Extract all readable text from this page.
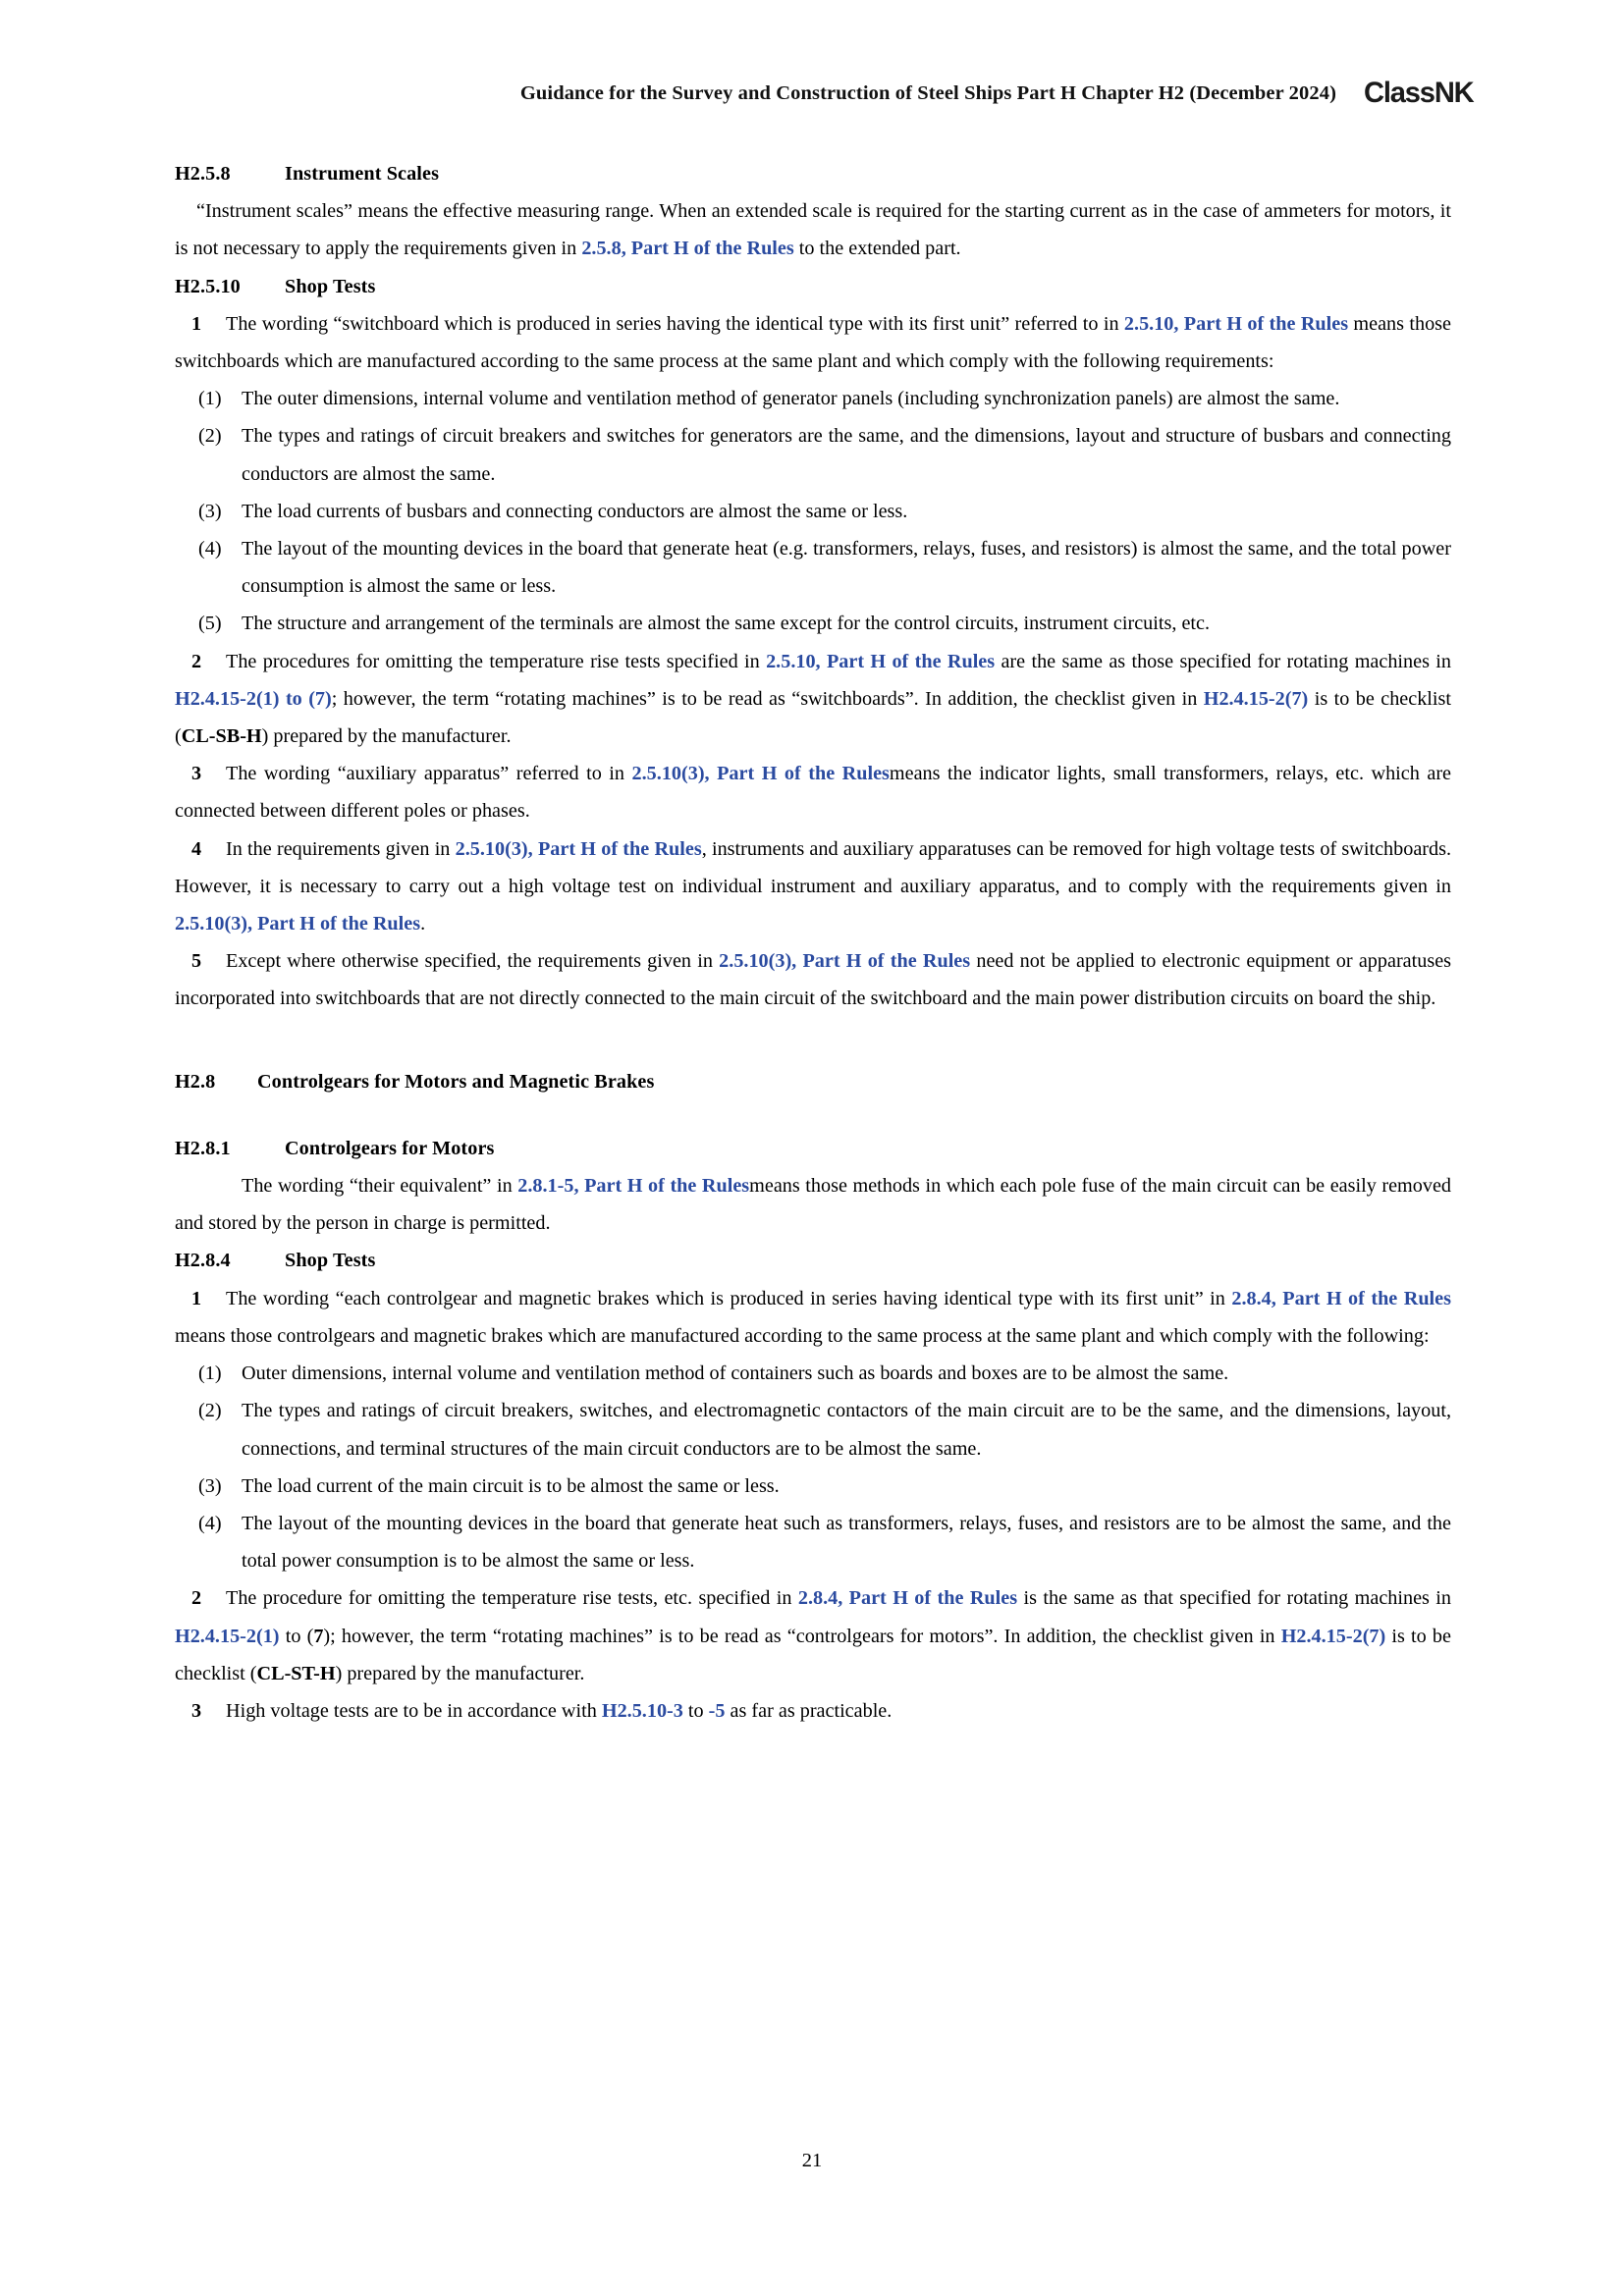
Guidance for the Survey and Construction of Steel Ships Part H Chapter H2 (December 2024) ClassNK
H2.5.8	Instrument Scales

“Instrument scales” means the effective measuring range. When an extended scale is required for the starting current as in the case of ammeters for motors, it is not necessary to apply the requirements given in 2.5.8, Part H of the Rules to the extended part.

H2.5.10 Shop Tests

1 The wording “switchboard which is produced in series having the identical type with its first unit” referred to in 2.5.10, Part H of the Rules means those switchboards which are manufactured according to the same process at the same plant and which comply with the following requirements:

(1)	The outer dimensions, internal volume and ventilation method of generator panels (including synchronization panels) are almost the same.
(2)	The types and ratings of circuit breakers and switches for generators are the same, and the dimensions, layout and structure of busbars and connecting conductors are almost the same.
(3)	The load currents of busbars and connecting conductors are almost the same or less.
(4)	The layout of the mounting devices in the board that generate heat (e.g. transformers, relays, fuses, and resistors) is almost the same, and the total power consumption is almost the same or less.
(5)	The structure and arrangement of the terminals are almost the same except for the control circuits, instrument circuits, etc.

2 The procedures for omitting the temperature rise tests specified in 2.5.10, Part H of the Rules are the same as those specified for rotating machines in H2.4.15-2(1) to (7); however, the term “rotating machines” is to be read as “switchboards”. In addition, the checklist given in H2.4.15-2(7) is to be checklist (CL-SB-H) prepared by the manufacturer.

3 The wording “auxiliary apparatus” referred to in 2.5.10(3), Part H of the Rulesmeans the indicator lights, small transformers, relays, etc. which are connected between different poles or phases.

4 In the requirements given in 2.5.10(3), Part H of the Rules, instruments and auxiliary apparatuses can be removed for high voltage tests of switchboards. However, it is necessary to carry out a high voltage test on individual instrument and auxiliary apparatus, and to comply with the requirements given in 2.5.10(3), Part H of the Rules.

5 Except where otherwise specified, the requirements given in 2.5.10(3), Part H of the Rules need not be applied to electronic equipment or apparatuses incorporated into switchboards that are not directly connected to the main circuit of the switchboard and the main power distribution circuits on board the ship.

H2.8 Controlgears for Motors and Magnetic Brakes
H2.8.1	Controlgears for Motors

The wording “their equivalent” in 2.8.1-5, Part H of the Rulesmeans those methods in which each pole fuse of the main circuit can be easily removed and stored by the person in charge is permitted.

H2.8.4	Shop Tests

1 The wording “each controlgear and magnetic brakes which is produced in series having identical type with its first unit” in 2.8.4, Part H of the Rules means those controlgears and magnetic brakes which are manufactured according to the same process at the same plant and which comply with the following:

(1)	Outer dimensions, internal volume and ventilation method of containers such as boards and boxes are to be almost the same.
(2)	The types and ratings of circuit breakers, switches, and electromagnetic contactors of the main circuit are to be the same, and the dimensions, layout, connections, and terminal structures of the main circuit conductors are to be almost the same.
(3)	The load current of the main circuit is to be almost the same or less.
(4)	The layout of the mounting devices in the board that generate heat such as transformers, relays, fuses, and resistors are to be almost the same, and the total power consumption is to be almost the same or less.

2 The procedure for omitting the temperature rise tests, etc. specified in 2.8.4, Part H of the Rules is the same as that specified for rotating machines in H2.4.15-2(1) to (7); however, the term “rotating machines” is to be read as “controlgears for motors”. In addition, the checklist given in H2.4.15-2(7) is to be checklist (CL-ST-H) prepared by the manufacturer.

3 High voltage tests are to be in accordance with H2.5.10-3 to -5 as far as practicable.

21
